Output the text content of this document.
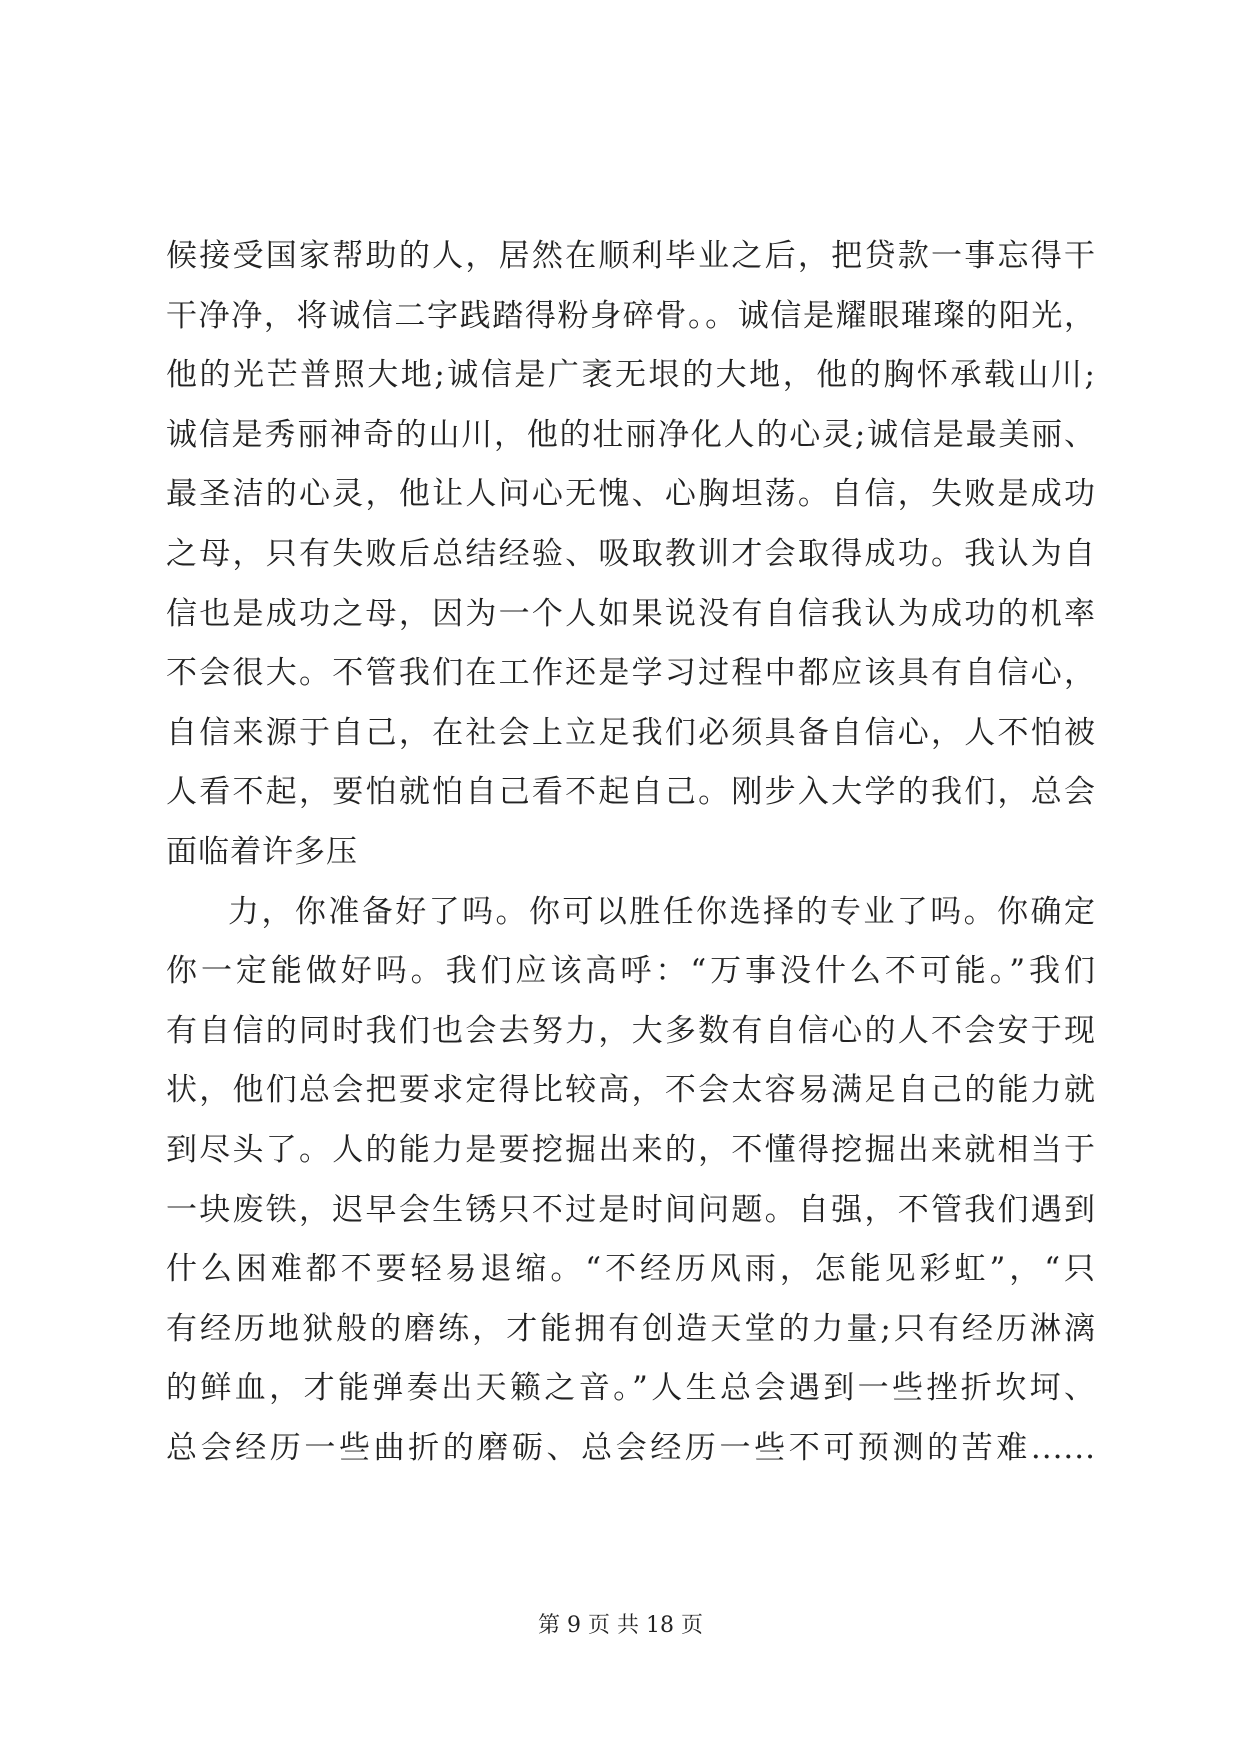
候接受国家帮助的人，居然在顺利毕业之后，把贷款一事忘得干
干净净，将诚信二字践踏得粉身碎骨。。诚信是耀眼璀璨的阳光，
他的光芒普照大地;诚信是广袤无垠的大地，他的胸怀承载山川;
诚信是秀丽神奇的山川，他的壮丽净化人的心灵;诚信是最美丽、
最圣洁的心灵，他让人问心无愧、心胸坦荡。自信，失败是成功
之母，只有失败后总结经验、吸取教训才会取得成功。我认为自
信也是成功之母，因为一个人如果说没有自信我认为成功的机率
不会很大。不管我们在工作还是学习过程中都应该具有自信心，
自信来源于自己，在社会上立足我们必须具备自信心，人不怕被
人看不起，要怕就怕自己看不起自己。刚步入大学的我们，总会
面临着许多压
力，你准备好了吗。你可以胜任你选择的专业了吗。你确定
你一定能做好吗。我们应该高呼：“万事没什么不可能。”我们
有自信的同时我们也会去努力，大多数有自信心的人不会安于现
状，他们总会把要求定得比较高，不会太容易满足自己的能力就
到尽头了。人的能力是要挖掘出来的，不懂得挖掘出来就相当于
一块废铁，迟早会生锈只不过是时间问题。自强，不管我们遇到
什么困难都不要轻易退缩。“不经历风雨，怎能见彩虹”，“只
有经历地狱般的磨练，才能拥有创造天堂的力量;只有经历淋漓
的鲜血，才能弹奏出天籁之音。”人生总会遇到一些挫折坎坷、
总会经历一些曲折的磨砺、总会经历一些不可预测的苦难......
第 9 页 共 18 页
